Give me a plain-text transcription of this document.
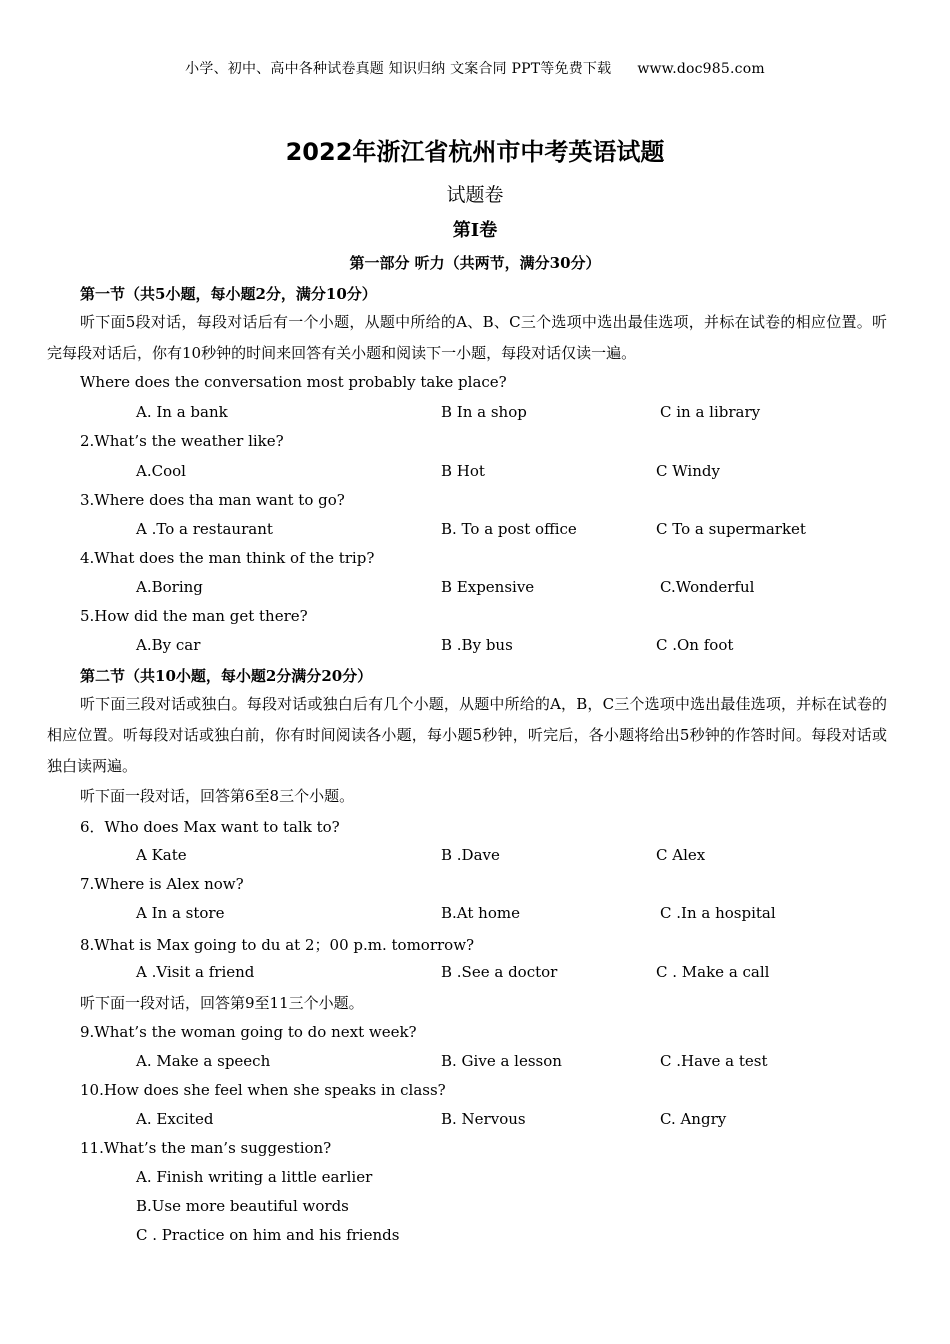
小学、初中、高中各种试卷真题 知识归纳 文案合同 PPT等免费下载 www.doc985.com
2022年浙江省杭州市中考英语试题
试题卷
第I卷
第一部分 听力（共两节，满分30分）
第一节（共5小题，每小题2分，满分10分）
听下面5段对话，每段对话后有一个小题，从题中所给的A、B、C三个选项中选出最佳选项，并标在试卷的相应位置。听完每段对话后，你有10秒钟的时间来回答有关小题和阅读下一小题，每段对话仅读一遍。
Where does the conversation most probably take place?
A. In a bank	B In a shop	C in a library
2.What’s the weather like?
A.Cool	B Hot	C Windy
3.Where does tha man want to go?
A .To a restaurant	B. To a post office	C To a supermarket
4.What does the man think of the trip?
A.Boring	B Expensive	C.Wonderful
5.How did the man get there?
A.By car	B .By bus	C .On foot
第二节（共10小题，每小题2分满分20分）
听下面三段对话或独白。每段对话或独白后有几个小题，从题中所给的A，B，C三个选项中选出最佳选项，并标在试卷的相应位置。听每段对话或独白前，你有时间阅读各小题，每小题5秒钟，听完后，各小题将给出5秒钟的作答时间。每段对话或独白读两遍。
听下面一段对话，回答第6至8三个小题。
6．Who does Max want to talk to?
A Kate	B .Dave	C Alex
7.Where is Alex now?
A In a store	B.At home	C .In a hospital
8.What is Max going to du at 2；00 p.m. tomorrow?
A .Visit a friend	B .See a doctor	C . Make a call
听下面一段对话，回答第9至11三个小题。
9.What’s the woman going to do next week?
A. Make a speech	B. Give a lesson	C .Have a test
10.How does she feel when she speaks in class?
A. Excited	B. Nervous	C. Angry
11.What’s the man’s suggestion?
A. Finish writing a little earlier
B.Use more beautiful words
C . Practice on him and his friends
